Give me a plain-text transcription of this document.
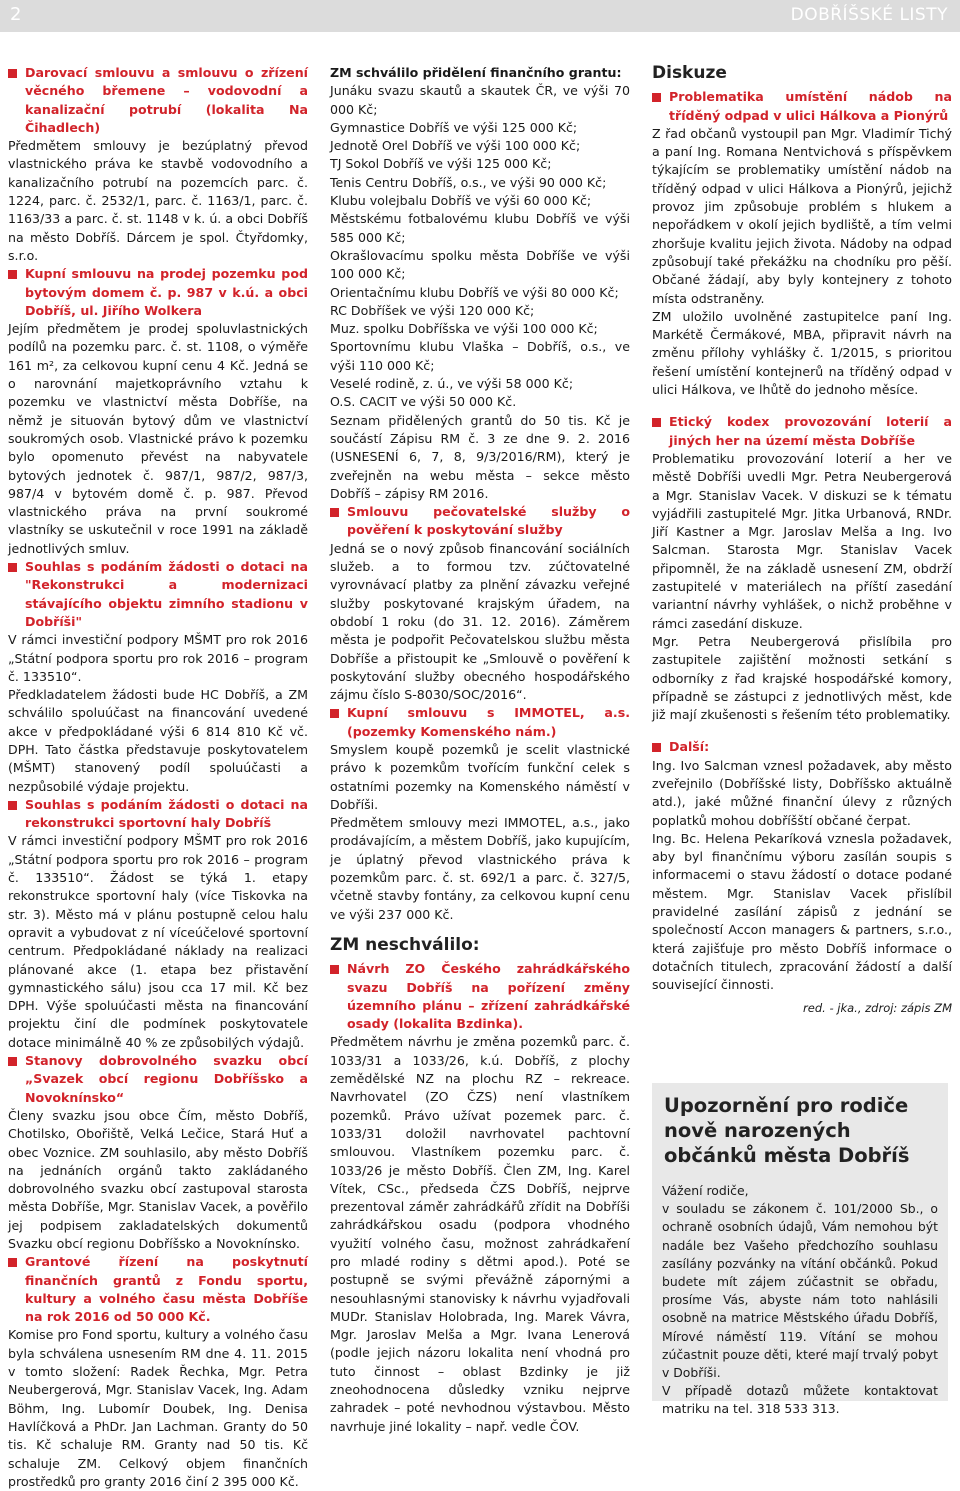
2	DOBŘÍŠSKÉ LISTY

Darovací smlouvu a smlouvu o zřízení věcného břemene – vodovodní a kanalizační potrubí (lokalita Na Čihadlech)

Předmětem smlouvy je bezúplatný převod vlastnického práva ke stavbě vodovodního a kanalizačního potrubí na pozemcích parc. č. 1224, parc. č. 2532/1, parc. č. 1163/1, parc. č. 1163/33 a parc. č. st. 1148 v k. ú. a obci Dobříš na město Dobříš. Dárcem je spol. Čtyřdomky, s.r.o.

Kupní smlouvu na prodej pozemku pod bytovým domem č. p. 987 v k.ú. a obci Dobříš, ul. Jiřího Wolkera

Jejím předmětem je prodej spoluvlastnických podílů na pozemku parc. č. st. 1108, o výměře 161 m², za celkovou kupní cenu 4 Kč. Jedná se o narovnání majetkoprávního vztahu k pozemku ve vlastnictví města Dobříše, na němž je situován bytový dům ve vlastnictví soukromých osob. Vlastnické právo k pozemku bylo opomenuto převést na nabyvatele bytových jednotek č. 987/1, 987/2, 987/3, 987/4 v bytovém domě č. p. 987. Převod vlastnického práva na první soukromé vlastníky se uskutečnil v roce 1991 na základě jednotlivých smluv.

Souhlas s podáním žádosti o dotaci na "Rekonstrukci a modernizaci stávajícího objektu zimního stadionu v Dobříši"

V rámci investiční podpory MŠMT pro rok 2016 „Státní podpora sportu pro rok 2016 – program č. 133510“.

Předkladatelem žádosti bude HC Dobříš, a ZM schválilo spoluúčast na financování uvedené akce v předpokládané výši 6 814 810 Kč vč. DPH. Tato částka představuje poskytovatelem (MŠMT) stanovený podíl spoluúčasti a nezpůsobilé výdaje projektu.

Souhlas s podáním žádosti o dotaci na rekonstrukci sportovní haly Dobříš

V rámci investiční podpory MŠMT pro rok 2016 „Státní podpora sportu pro rok 2016 – program č. 133510“. Žádost se týká 1. etapy rekonstrukce sportovní haly (více Tiskovka na str. 3). Město má v plánu postupně celou halu opravit a vybudovat z ní víceúčelové sportovní centrum. Předpokládané náklady na realizaci plánované akce (1. etapa bez přistavění gymnastického sálu) jsou cca 17 mil. Kč bez DPH. Výše spoluúčasti města na financování projektu činí dle podmínek poskytovatele dotace minimálně 40 % ze způsobilých výdajů.

Stanovy dobrovolného svazku obcí „Svazek obcí regionu Dobříšsko a Novoknínsko“

Členy svazku jsou obce Čím, město Dobříš, Chotilsko, Obořiště, Velká Lečice, Stará Huť a obec Voznice. ZM souhlasilo, aby město Dobříš na jednáních orgánů takto zakládaného dobrovolného svazku obcí zastupoval starosta města Dobříše, Mgr. Stanislav Vacek, a pověřilo jej podpisem zakladatelských dokumentů Svazku obcí regionu Dobříšsko a Novoknínsko.

Grantové řízení na poskytnutí finančních grantů z Fondu sportu, kultury a volného času města Dobříše na rok 2016 od 50 000 Kč.

Komise pro Fond sportu, kultury a volného času byla schválena usnesením RM dne 4. 11. 2015 v tomto složení: Radek Řechka, Mgr. Petra Neubergerová, Mgr. Stanislav Vacek, Ing. Adam Böhm, Ing. Lubomír Doubek, Ing. Denisa Havlíčková a PhDr. Jan Lachman. Granty do 50 tis. Kč schaluje RM. Granty nad 50 tis. Kč schaluje ZM. Celkový objem finančních prostředků pro granty 2016 činí 2 395 000 Kč.

ZM schválilo přidělení finančního grantu:

Junáku svazu skautů a skautek ČR, ve výši 70 000 Kč;

Gymnastice Dobříš ve výši 125 000 Kč;

Jednotě Orel Dobříš ve výši 100 000 Kč;

TJ Sokol Dobříš ve výši 125 000 Kč;

Tenis Centru Dobříš, o.s., ve výši 90 000 Kč;

Klubu volejbalu Dobříš ve výši 60 000 Kč;

Městskému fotbalovému klubu Dobříš ve výši 585 000 Kč;

Okrašlovacímu spolku města Dobříše ve výši 100 000 Kč;

Orientačnímu klubu Dobříš ve výši 80 000 Kč;

RC Dobříšek ve výši 120 000 Kč;

Muz. spolku Dobříšska ve výši 100 000 Kč;

Sportovnímu klubu Vlaška – Dobříš, o.s., ve výši 110 000 Kč;

Veselé rodině, z. ú., ve výši 58 000 Kč;

O.S. CACIT ve výši 50 000 Kč.

Seznam přidělených grantů do 50 tis. Kč je součástí Zápisu RM č. 3 ze dne 9. 2. 2016 (USNESENÍ 6, 7, 8, 9/3/2016/RM), který je zveřejněn na webu města – sekce město Dobříš – zápisy RM 2016.

Smlouvu pečovatelské služby o pověření k poskytování služby

Jedná se o nový způsob financování sociálních služeb. a to formou tzv. zúčtovatelné vyrovnávací platby za plnění závazku veřejné služby poskytované krajským úřadem, na období 1 roku (do 31. 12. 2016). Záměrem města je podpořit Pečovatelskou službu města Dobříše a přistoupit ke „Smlouvě o pověření k poskytování služby obecného hospodářského zájmu číslo S-8030/SOC/2016“.

Kupní smlouvu s IMMOTEL, a.s. (pozemky Komenského nám.)

Smyslem koupě pozemků je scelit vlastnické právo k pozemkům tvořícím funkční celek s ostatními pozemky na Komenského náměstí v Dobříši.

Předmětem smlouvy mezi IMMOTEL, a.s., jako prodávajícím, a městem Dobříš, jako kupujícím, je úplatný převod vlastnického práva k pozemkům parc. č. st. 692/1 a parc. č. 327/5, včetně stavby fontány, za celkovou kupní cenu ve výši 237 000 Kč.

ZM neschválilo:

Návrh ZO Českého zahrádkářského svazu Dobříš na pořízení změny územního plánu – zřízení zahrádkářské osady (lokalita Bzdinka).

Předmětem návrhu je změna pozemků parc. č. 1033/31 a 1033/26, k.ú. Dobříš, z plochy zemědělské NZ na plochu RZ – rekreace. Navrhovatel (ZO ČZS) není vlastníkem pozemků. Právo užívat pozemek parc. č. 1033/31 doložil navrhovatel pachtovní smlouvou. Vlastníkem pozemku parc. č. 1033/26 je město Dobříš. Člen ZM, Ing. Karel Vítek, CSc., předseda ČZS Dobříš, nejprve prezentoval záměr zahrádkářů zřídit na Dobříši zahrádkářskou osadu (podpora vhodného využití volného času, možnost zahrádkaření pro mladé rodiny s dětmi apod.). Poté se postupně se svými převážně zápornými a nesouhlasnými stanovisky k návrhu vyjadřovali MUDr. Stanislav Holobrada, Ing. Marek Vávra, Mgr. Jaroslav Melša a Mgr. Ivana Lenerová (podle jejich názoru lokalita není vhodná pro tuto činnost – oblast Bzdinky je již zneohodnocena důsledky vzniku nejprve zahradek – poté nevhodnou výstavbou. Město navrhuje jiné lokality – např. vedle ČOV.

Diskuze

Problematika umístění nádob na tříděný odpad v ulici Hálkova a Pionýrů

Z řad občanů vystoupil pan Mgr. Vladimír Tichý a paní Ing. Romana Nentvichová s příspěvkem týkajícím se problematiky umístění nádob na tříděný odpad v ulici Hálkova a Pionýrů, jejichž provoz jim způsobuje problém s hlukem a nepořádkem v okolí jejich bydliště, a tím velmi zhoršuje kvalitu jejich života. Nádoby na odpad způsobují také překážku na chodníku pro pěší. Občané žádají, aby byly kontejnery z tohoto místa odstraněny.

ZM uložilo uvolněné zastupitelce paní Ing. Markétě Čermákové, MBA, připravit návrh na změnu přílohy vyhlášky č. 1/2015, s prioritou řešení umístění kontejnerů na tříděný odpad v ulici Hálkova, ve lhůtě do jednoho měsíce.

Etický kodex provozování loterií a jiných her na území města Dobříše

Problematiku provozování loterií a her ve městě Dobříši uvedli Mgr. Petra Neubergerová a Mgr. Stanislav Vacek. V diskuzi se k tématu vyjádřili zastupitelé Mgr. Jitka Urbanová, RNDr. Jiří Kastner a Mgr. Jaroslav Melša a Ing. Ivo Salcman. Starosta Mgr. Stanislav Vacek připomněl, že na základě usnesení ZM, obdrží zastupitelé v materiálech na příští zasedání variantní návrhy vyhlášek, o nichž proběhne v rámci zasedání diskuze.

Mgr. Petra Neubergerová přislíbila pro zastupitele zajištění možnosti setkání s odborníky z řad krajské hospodářské komory, případně se zástupci z jednotlivých měst, kde již mají zkušenosti s řešením této problematiky.

Další:

Ing. Ivo Salcman vznesl požadavek, aby město zveřejnilo (Dobříšské listy, Dobříšsko aktuálně atd.), jaké můžné finanční úlevy z různých poplatků mohou dobříšští občané čerpat.

Ing. Bc. Helena Pekaríková vznesla požadavek, aby byl finančnímu výboru zasílán soupis s informacemi o stavu žádostí o dotace podané městem. Mgr. Stanislav Vacek přislíbil pravidelné zasílání zápisů z jednání se společností Accon managers & partners, s.r.o., která zajišťuje pro město Dobříš informace o dotačních titulech, zpracování žádostí a další související činnosti.

red. - jka., zdroj: zápis ZM

Upozornění pro rodiče nově narozených občánků města Dobříš

Vážení rodiče,

v souladu se zákonem č. 101/2000 Sb., o ochraně osobních údajů, Vám nemohou být nadále bez Vašeho předchozího souhlasu zasílány pozvánky na vítání občánků. Pokud budete mít zájem zúčastnit se obřadu, prosíme Vás, abyste nám toto nahlásili osobně na matrice Městského úřadu Dobříš, Mírové náměstí 119. Vítání se mohou zúčastnit pouze děti, které mají trvalý pobyt v Dobříši.

V případě dotazů můžete kontaktovat matriku na tel. 318 533 313.
